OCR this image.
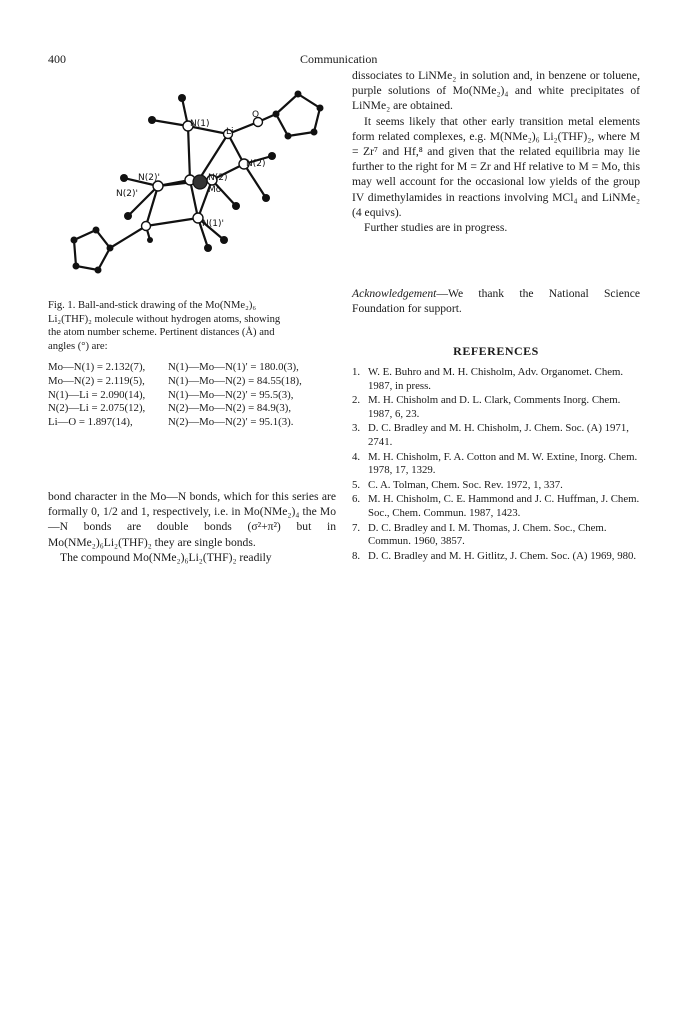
400	Communication
N(1)
Li
O
N(2)
N(2)'
N(2)'
N(2)
Mo
N(1)'
Fig. 1. Ball-and-stick drawing of the Mo(NMe₂)₆
Li₂(THF)₂ molecule without hydrogen atoms, showing
the atom number scheme. Pertinent distances (Å) and
angles (°) are:
Mo—N(1) = 2.132(7),	N(1)—Mo—N(1)′ = 180.0(3),
Mo—N(2) = 2.119(5),	N(1)—Mo—N(2) = 84.55(18),
N(1)—Li = 2.090(14),	N(1)—Mo—N(2)′ = 95.5(3),
N(2)—Li = 2.075(12),	N(2)—Mo—N(2) = 84.9(3),
Li—O = 1.897(14),	N(2)—Mo—N(2)′ = 95.1(3).

bond character in the Mo—N bonds, which for this series are formally 0, 1/2 and 1, respectively, i.e. in Mo(NMe₂)₄ the Mo—N bonds are double bonds (σ²+π²) but in Mo(NMe₂)₆Li₂(THF)₂ they are single bonds.

The compound Mo(NMe₂)₆Li₂(THF)₂ readily

dissociates to LiNMe₂ in solution and, in benzene or toluene, purple solutions of Mo(NMe₂)₄ and white precipitates of LiNMe₂ are obtained.

It seems likely that other early transition metal elements form related complexes, e.g. M(NMe₂)₆ Li₂(THF)₂, where M = Zr⁷ and Hf,⁸ and given that the related equilibria may lie further to the right for M = Zr and Hf relative to M = Mo, this may well account for the occasional low yields of the group IV dimethylamides in reactions involving MCl₄ and LiNMe₂ (4 equivs).

Further studies are in progress.

Acknowledgement—We thank the National Science Foundation for support.
REFERENCES
1. W. E. Buhro and M. H. Chisholm, Adv. Organomet. Chem. 1987, in press.
2. M. H. Chisholm and D. L. Clark, Comments Inorg. Chem. 1987, 6, 23.
3. D. C. Bradley and M. H. Chisholm, J. Chem. Soc. (A) 1971, 2741.
4. M. H. Chisholm, F. A. Cotton and M. W. Extine, Inorg. Chem. 1978, 17, 1329.
5. C. A. Tolman, Chem. Soc. Rev. 1972, 1, 337.
6. M. H. Chisholm, C. E. Hammond and J. C. Huffman, J. Chem. Soc., Chem. Commun. 1987, 1423.
7. D. C. Bradley and I. M. Thomas, J. Chem. Soc., Chem. Commun. 1960, 3857.
8. D. C. Bradley and M. H. Gitlitz, J. Chem. Soc. (A) 1969, 980.
